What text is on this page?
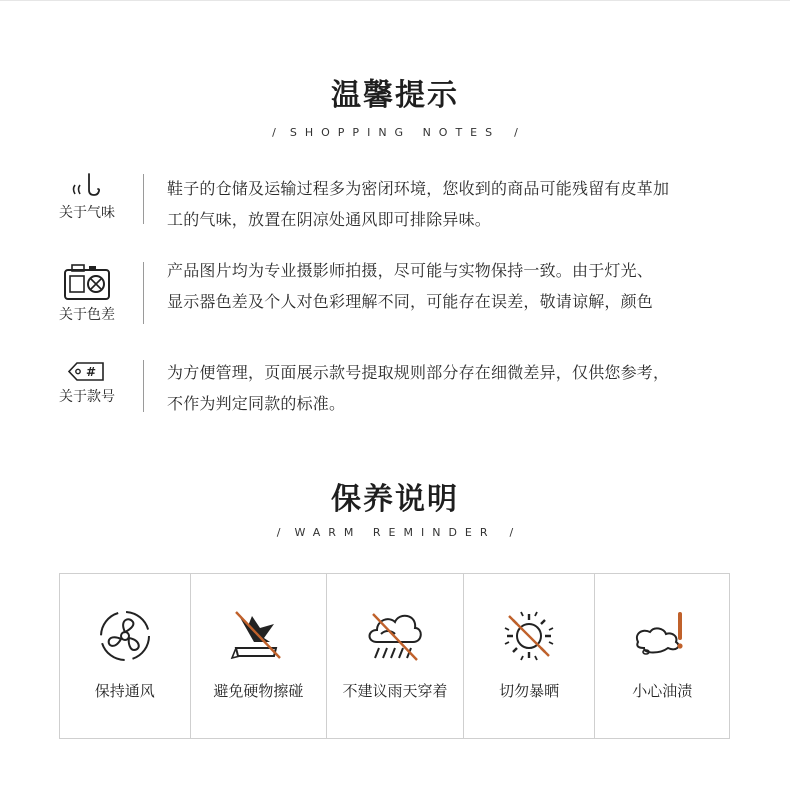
温馨提示
/ SHOPPING NOTES /
关于气味
鞋子的仓储及运输过程多为密闭环境，您收到的商品可能残留有皮革加
工的气味，放置在阴凉处通风即可排除异味。
关于色差
产品图片均为专业摄影师拍摄，尽可能与实物保持一致。由于灯光、
显示器色差及个人对色彩理解不同，可能存在误差，敬请谅解，颜色
#
关于款号
为方便管理，页面展示款号提取规则部分存在细微差异，仅供您参考，
不作为判定同款的标准。
保养说明
/ WARM REMINDER /
保持通风	避免硬物擦碰	不建议雨天穿着	切勿暴晒	小心油渍
